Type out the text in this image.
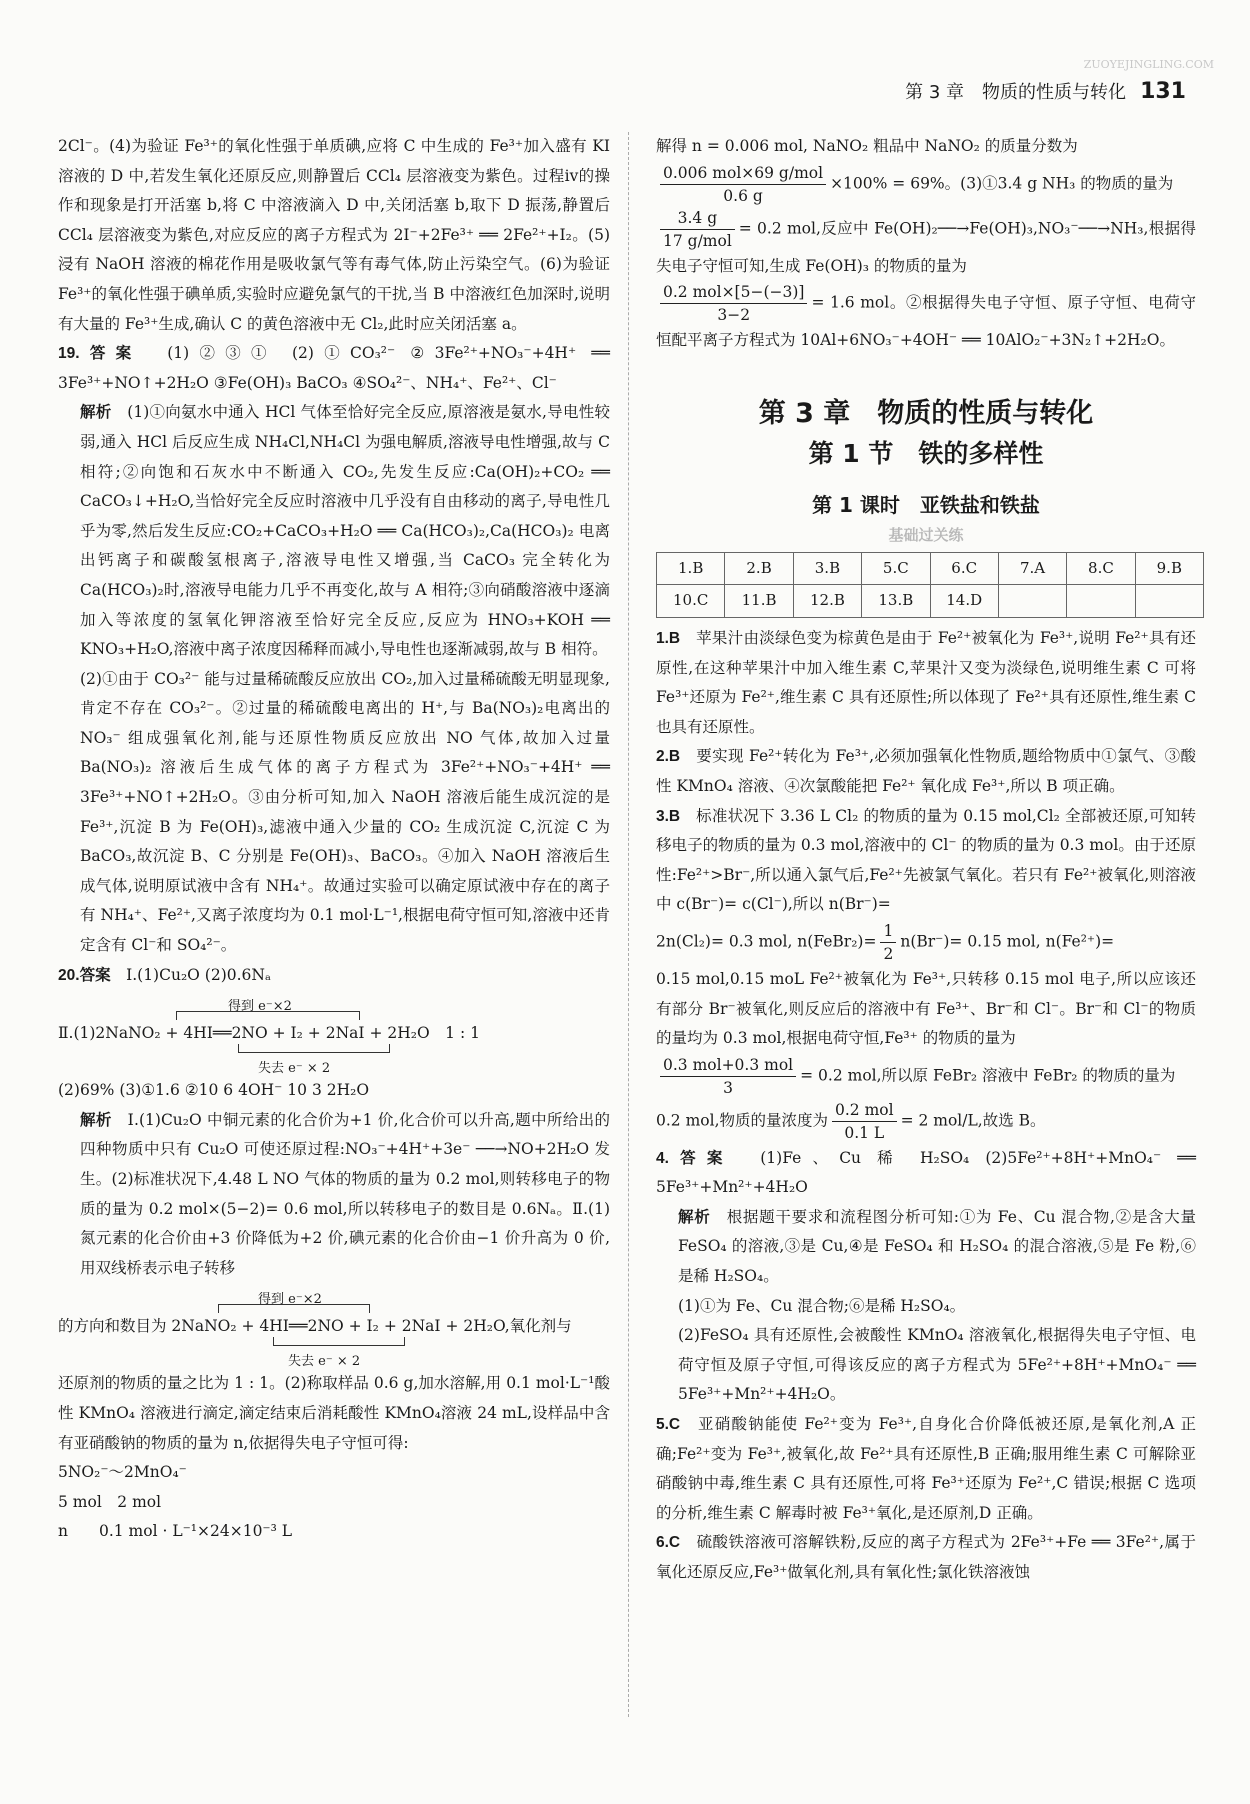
第 3 章　物质的性质与转化 131
ZUOYEJINGLING.COM

2Cl⁻。(4)为验证 Fe³⁺的氧化性强于单质碘,应将 C 中生成的 Fe³⁺加入盛有 KI 溶液的 D 中,若发生氧化还原反应,则静置后 CCl₄ 层溶液变为紫色。过程ⅳ的操作和现象是打开活塞 b,将 C 中溶液滴入 D 中,关闭活塞 b,取下 D 振荡,静置后 CCl₄ 层溶液变为紫色,对应反应的离子方程式为 2I⁻+2Fe³⁺ ══ 2Fe²⁺+I₂。(5)浸有 NaOH 溶液的棉花作用是吸收氯气等有毒气体,防止污染空气。(6)为验证 Fe³⁺的氧化性强于碘单质,实验时应避免氯气的干扰,当 B 中溶液红色加深时,说明有大量的 Fe³⁺生成,确认 C 的黄色溶液中无 Cl₂,此时应关闭活塞 a。

19.答案　 (1)②③① (2)①CO₃²⁻ ②3Fe²⁺+NO₃⁻+4H⁺ ══ 3Fe³⁺+NO↑+2H₂O ③Fe(OH)₃ BaCO₃ ④SO₄²⁻、NH₄⁺、Fe²⁺、Cl⁻

解析　 (1)①向氨水中通入 HCl 气体至恰好完全反应,原溶液是氨水,导电性较弱,通入 HCl 后反应生成 NH₄Cl,NH₄Cl 为强电解质,溶液导电性增强,故与 C 相符;②向饱和石灰水中不断通入 CO₂,先发生反应:Ca(OH)₂+CO₂ ══ CaCO₃↓+H₂O,当恰好完全反应时溶液中几乎没有自由移动的离子,导电性几乎为零,然后发生反应:CO₂+CaCO₃+H₂O ══ Ca(HCO₃)₂,Ca(HCO₃)₂ 电离出钙离子和碳酸氢根离子,溶液导电性又增强,当 CaCO₃ 完全转化为 Ca(HCO₃)₂时,溶液导电能力几乎不再变化,故与 A 相符;③向硝酸溶液中逐滴加入等浓度的氢氧化钾溶液至恰好完全反应,反应为 HNO₃+KOH ══ KNO₃+H₂O,溶液中离子浓度因稀释而减小,导电性也逐渐减弱,故与 B 相符。

(2)①由于 CO₃²⁻ 能与过量稀硫酸反应放出 CO₂,加入过量稀硫酸无明显现象,肯定不存在 CO₃²⁻。②过量的稀硫酸电离出的 H⁺,与 Ba(NO₃)₂电离出的 NO₃⁻ 组成强氧化剂,能与还原性物质反应放出 NO 气体,故加入过量 Ba(NO₃)₂ 溶液后生成气体的离子方程式为 3Fe²⁺+NO₃⁻+4H⁺ ══ 3Fe³⁺+NO↑+2H₂O。③由分析可知,加入 NaOH 溶液后能生成沉淀的是 Fe³⁺,沉淀 B 为 Fe(OH)₃,滤液中通入少量的 CO₂ 生成沉淀 C,沉淀 C 为 BaCO₃,故沉淀 B、C 分别是 Fe(OH)₃、BaCO₃。④加入 NaOH 溶液后生成气体,说明原试液中含有 NH₄⁺。故通过实验可以确定原试液中存在的离子有 NH₄⁺、Fe²⁺,又离子浓度均为 0.1 mol·L⁻¹,根据电荷守恒可知,溶液中还肯定含有 Cl⁻和 SO₄²⁻。

20.答案　 Ⅰ.(1)Cu₂O (2)0.6Nₐ

得到 e⁻×2
Ⅱ.(1)2NaNO₂ + 4HI══2NO + I₂ + 2NaI + 2H₂O　1 : 1
失去 e⁻ × 2

(2)69% (3)①1.6 ②10 6 4OH⁻ 10 3 2H₂O

解析　 Ⅰ.(1)Cu₂O 中铜元素的化合价为+1 价,化合价可以升高,题中所给出的四种物质中只有 Cu₂O 可使还原过程:NO₃⁻+4H⁺+3e⁻ ──→NO+2H₂O 发生。(2)标准状况下,4.48 L NO 气体的物质的量为 0.2 mol,则转移电子的物质的量为 0.2 mol×(5−2)= 0.6 mol,所以转移电子的数目是 0.6Nₐ。Ⅱ.(1)氮元素的化合价由+3 价降低为+2 价,碘元素的化合价由−1 价升高为 0 价,用双线桥表示电子转移

得到 e⁻×2
的方向和数目为 2NaNO₂ + 4HI══2NO + I₂ + 2NaI + 2H₂O,氧化剂与
失去 e⁻ × 2

还原剂的物质的量之比为 1 : 1。(2)称取样品 0.6 g,加水溶解,用 0.1 mol·L⁻¹酸性 KMnO₄ 溶液进行滴定,滴定结束后消耗酸性 KMnO₄溶液 24 mL,设样品中含有亚硝酸钠的物质的量为 n,依据得失电子守恒可得:

5NO₂⁻～2MnO₄⁻

5 mol　2 mol

n　　0.1 mol · L⁻¹×24×10⁻³ L

解得 n = 0.006 mol, NaNO₂ 粗品中 NaNO₂ 的质量分数为

$\frac{\text{0.006 mol×69 g/mol}}{0.6 g} \times 100\% = 69\%$。(3)①3.4 g NH₃ 的物质的量为

$\frac{3.4 g}{\text{17 g/mol}} = 0.2$ mol,反应中 Fe(OH)₂──→Fe(OH)₃,NO₃⁻──→NH₃,根据得失电子守恒可知,生成 Fe(OH)₃ 的物质的量为

$\frac{\text{0.2 mol×[5−(−3)]}}{3-2} = 1.6$ mol。②根据得失电子守恒、原子守恒、电荷守恒配平离子方程式为 10Al+6NO₃⁻+4OH⁻ ══ 10AlO₂⁻+3N₂↑+2H₂O。

第 3 章　物质的性质与转化
第 1 节　铁的多样性
第 1 课时　亚铁盐和铁盐
基础过关练
1.B	2.B	3.B	5.C	6.C	7.A	8.C	9.B
10.C	11.B	12.B	13.B	14.D			

1.B　 苹果汁由淡绿色变为棕黄色是由于 Fe²⁺被氧化为 Fe³⁺,说明 Fe²⁺具有还原性,在这种苹果汁中加入维生素 C,苹果汁又变为淡绿色,说明维生素 C 可将 Fe³⁺还原为 Fe²⁺,维生素 C 具有还原性;所以体现了 Fe²⁺具有还原性,维生素 C 也具有还原性。

2.B　 要实现 Fe²⁺转化为 Fe³⁺,必须加强氧化性物质,题给物质中①氯气、③酸性 KMnO₄ 溶液、④次氯酸能把 Fe²⁺ 氧化成 Fe³⁺,所以 B 项正确。

3.B　 标准状况下 3.36 L Cl₂ 的物质的量为 0.15 mol,Cl₂ 全部被还原,可知转移电子的物质的量为 0.3 mol,溶液中的 Cl⁻ 的物质的量为 0.3 mol。由于还原性:Fe²⁺>Br⁻,所以通入氯气后,Fe²⁺先被氯气氧化。若只有 Fe²⁺被氧化,则溶液中 c(Br⁻)= c(Cl⁻),所以 n(Br⁻)=

2n(Cl₂)= 0.3 mol, n(FeBr₂)= $\frac{1}{2} n(Br^-)= 0.15$ mol, n(Fe²⁺)=

0.15 mol,0.15 moL Fe²⁺被氧化为 Fe³⁺,只转移 0.15 mol 电子,所以应该还有部分 Br⁻被氧化,则反应后的溶液中有 Fe³⁺、Br⁻和 Cl⁻。Br⁻和 Cl⁻的物质的量均为 0.3 mol,根据电荷守恒,Fe³⁺ 的物质的量为

$\frac{\text{0.3 mol+0.3 mol}}{3} = 0.2$ mol,所以原 FeBr₂ 溶液中 FeBr₂ 的物质的量为

0.2 mol,物质的量浓度为 $\frac{\text{0.2 mol}}{0.1 L} = 2$ mol/L,故选 B。

4.答案　 (1)Fe、Cu 稀 H₂SO₄ (2)5Fe²⁺+8H⁺+MnO₄⁻ ══ 5Fe³⁺+Mn²⁺+4H₂O

解析　 根据题干要求和流程图分析可知:①为 Fe、Cu 混合物,②是含大量 FeSO₄ 的溶液,③是 Cu,④是 FeSO₄ 和 H₂SO₄ 的混合溶液,⑤是 Fe 粉,⑥是稀 H₂SO₄。

(1)①为 Fe、Cu 混合物;⑥是稀 H₂SO₄。

(2)FeSO₄ 具有还原性,会被酸性 KMnO₄ 溶液氧化,根据得失电子守恒、电荷守恒及原子守恒,可得该反应的离子方程式为 5Fe²⁺+8H⁺+MnO₄⁻ ══ 5Fe³⁺+Mn²⁺+4H₂O。

5.C　 亚硝酸钠能使 Fe²⁺变为 Fe³⁺,自身化合价降低被还原,是氧化剂,A 正确;Fe²⁺变为 Fe³⁺,被氧化,故 Fe²⁺具有还原性,B 正确;服用维生素 C 可解除亚硝酸钠中毒,维生素 C 具有还原性,可将 Fe³⁺还原为 Fe²⁺,C 错误;根据 C 选项的分析,维生素 C 解毒时被 Fe³⁺氧化,是还原剂,D 正确。

6.C　 硫酸铁溶液可溶解铁粉,反应的离子方程式为 2Fe³⁺+Fe ══ 3Fe²⁺,属于氧化还原反应,Fe³⁺做氧化剂,具有氧化性;氯化铁溶液蚀
